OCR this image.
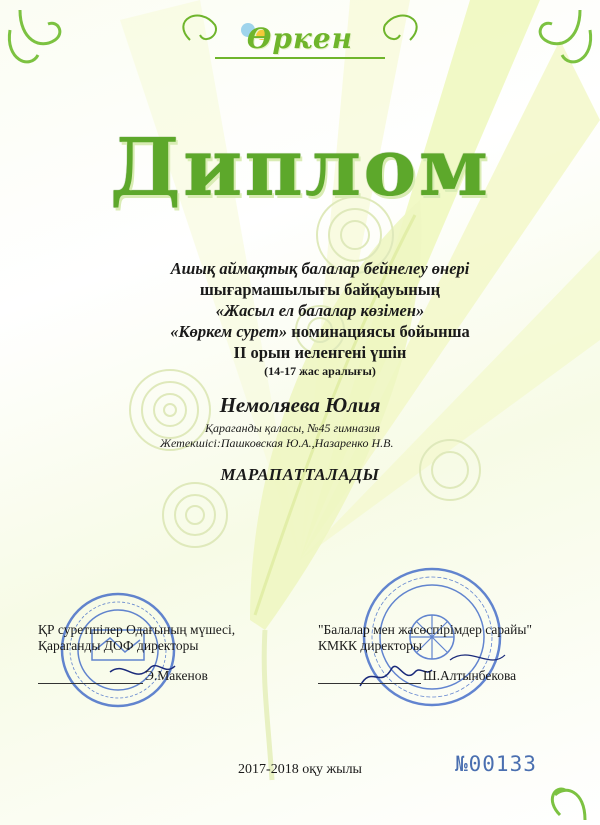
Өркен
Диплом
Ашық аймақтық балалар бейнелеу өнері
шығармашылығы байқауының
«Жасыл ел балалар көзімен»
«Көркем сурет» номинациясы бойынша
II орын иеленгені үшін
(14-17 жас аралығы)
Немоляева Юлия
Қараганды қаласы, №45 гимназия
Жетекшісі:Пашковская Ю.А.,Назаренко Н.В.
МАРАПАТТАЛАДЫ
ҚР суретшілер Одағының мүшесі,
Қараганды ДОФ директоры
Э.Макенов
"Балалар мен жасөспірімдер сарайы"
КМКК директоры
Ш.Алтынбекова
2017-2018 оқу жылы	№00133
